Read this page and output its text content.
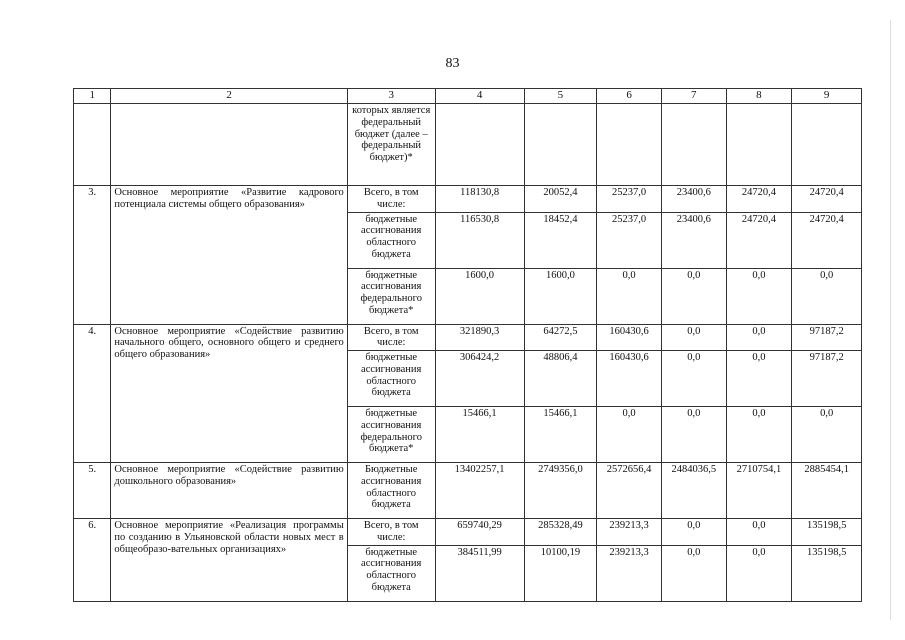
83
1	2	3	4	5	6	7	8	9
		которых является федеральный бюджет (далее – федеральный бюджет)*						
3.	Основное мероприятие «Развитие кадрового потенциала системы общего образования»	Всего, в том числе:	118130,8	20052,4	25237,0	23400,6	24720,4	24720,4
		бюджетные ассигнования областного бюджета	116530,8	18452,4	25237,0	23400,6	24720,4	24720,4
		бюджетные ассигнования федерального бюджета*	1600,0	1600,0	0,0	0,0	0,0	0,0
4.	Основное мероприятие «Содействие развитию начального общего, основного общего и среднего общего образования»	Всего, в том числе:	321890,3	64272,5	160430,6	0,0	0,0	97187,2
		бюджетные ассигнования областного бюджета	306424,2	48806,4	160430,6	0,0	0,0	97187,2
		бюджетные ассигнования федерального бюджета*	15466,1	15466,1	0,0	0,0	0,0	0,0
5.	Основное мероприятие «Содействие развитию дошкольного образования»	Бюджетные ассигнования областного бюджета	13402257,1	2749356,0	2572656,4	2484036,5	2710754,1	2885454,1
6.	Основное мероприятие «Реализация программы по созданию в Ульяновской области новых мест в общеобразо-вательных организациях»	Всего, в том числе:	659740,29	285328,49	239213,3	0,0	0,0	135198,5
		бюджетные ассигнования областного бюджета	384511,99	10100,19	239213,3	0,0	0,0	135198,5
